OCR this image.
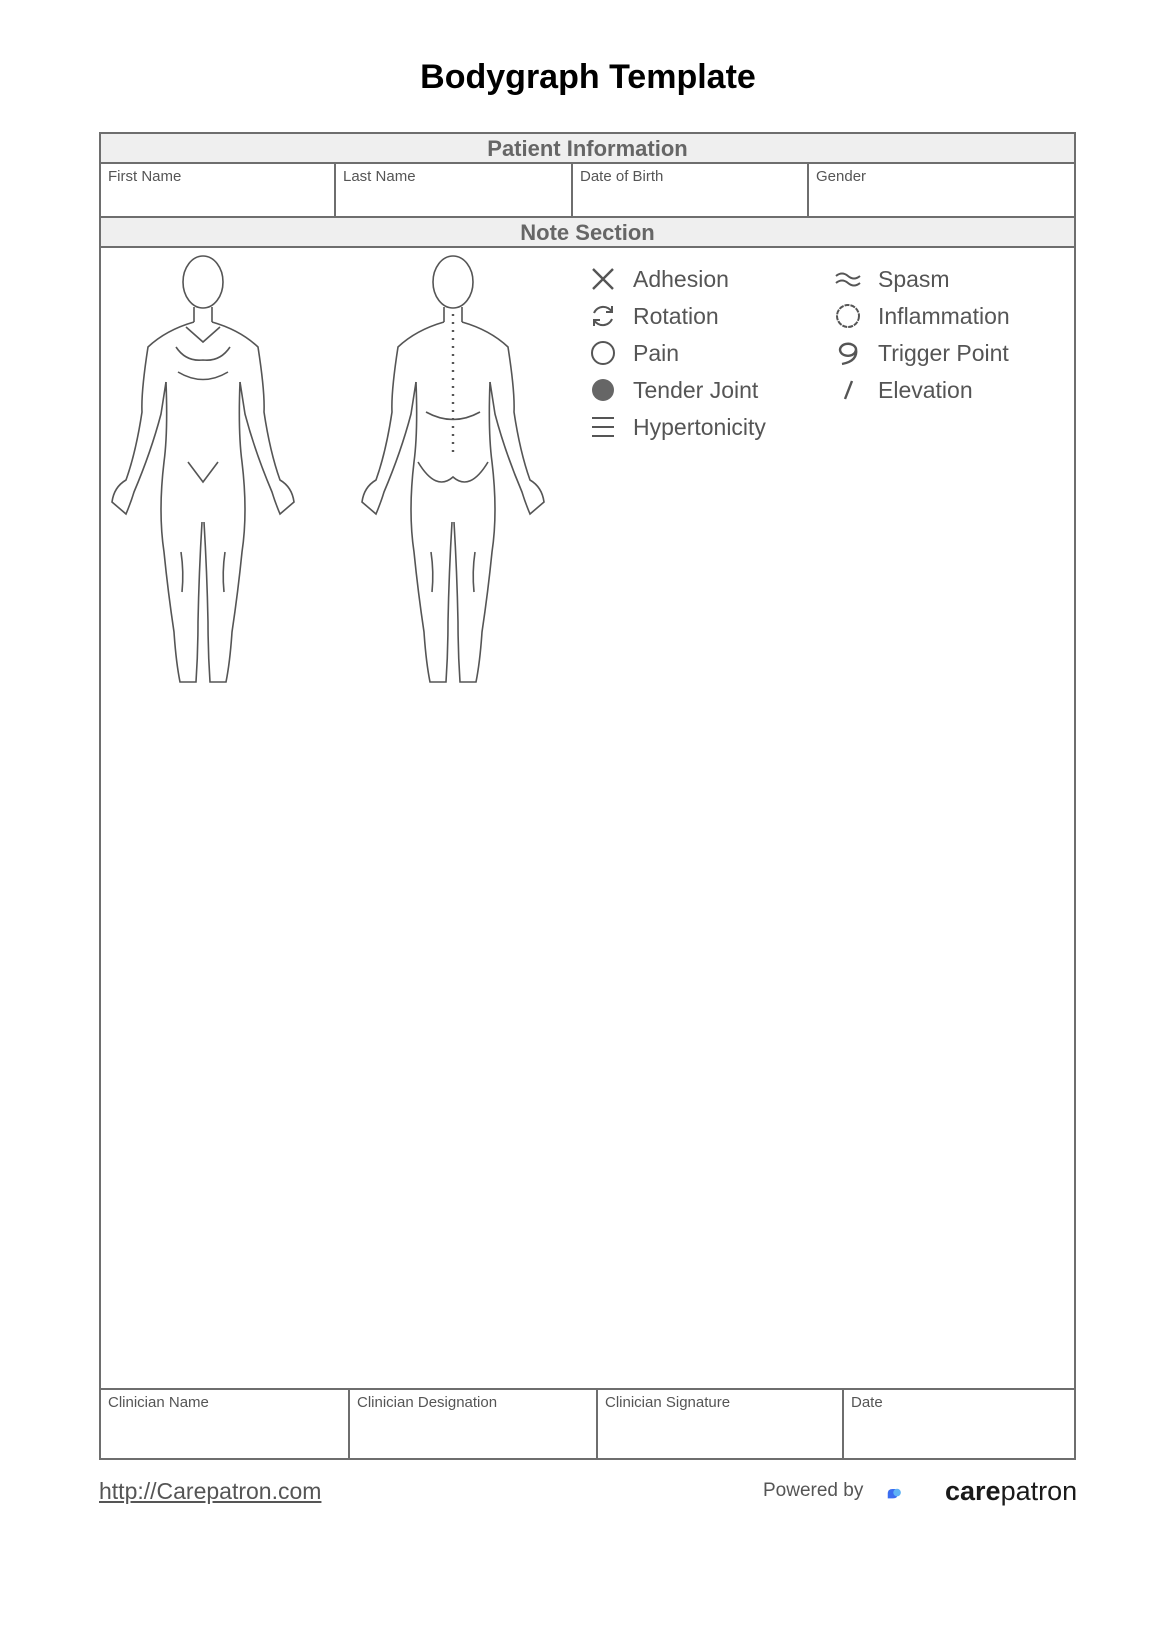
Bodygraph Template
Patient Information
First Name	Last Name	Date of Birth	Gender
Note Section
Adhesion
Rotation
Pain
Tender Joint
Hypertonicity
Spasm
Inflammation
Trigger Point
Elevation
Clinician Name	Clinician Designation	Clinician Signature	Date
http://Carepatron.com	Powered by	carepatron
